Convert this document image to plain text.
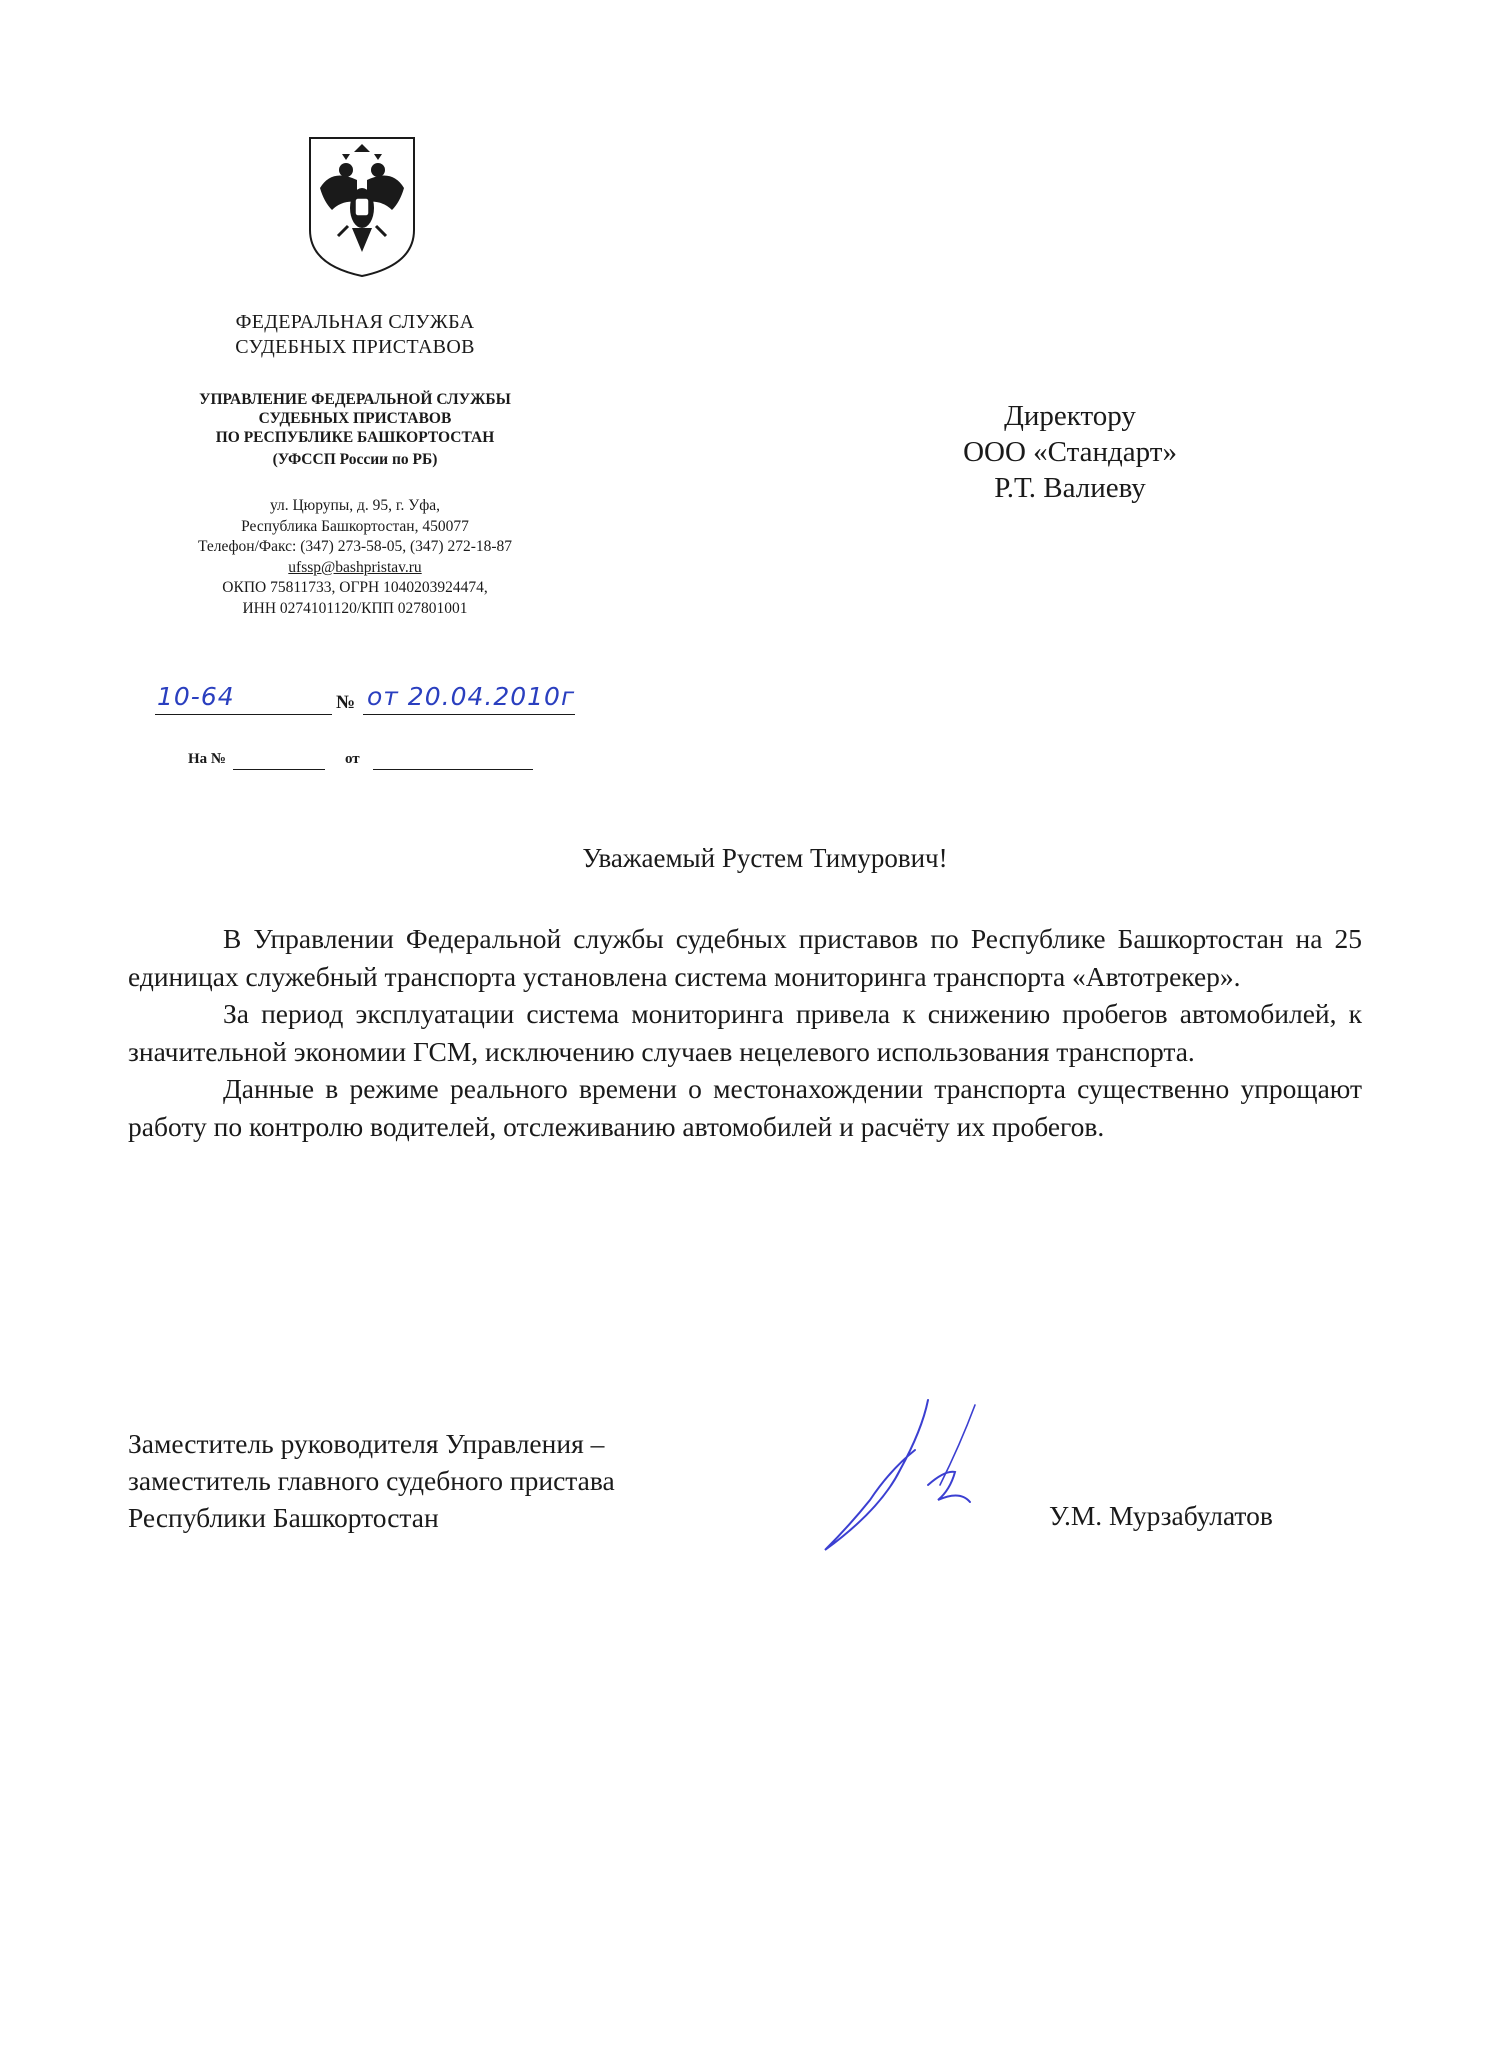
ФЕДЕРАЛЬНАЯ СЛУЖБА
СУДЕБНЫХ ПРИСТАВОВ
УПРАВЛЕНИЕ ФЕДЕРАЛЬНОЙ СЛУЖБЫ
СУДЕБНЫХ ПРИСТАВОВ
ПО РЕСПУБЛИКЕ БАШКОРТОСТАН
(УФССП России по РБ)
ул. Цюрупы, д. 95, г. Уфа,
Республика Башкортостан, 450077
Телефон/Факс: (347) 273-58-05, (347) 272-18-87
ufssp@bashpristav.ru
ОКПО 75811733, ОГРН 1040203924474,
ИНН 0274101120/КПП 027801001
10-64	№ от 20.04.2010г
На №	от
Директору
ООО «Стандарт»
Р.Т. Валиеву
Уважаемый Рустем Тимурович!

В Управлении Федеральной службы судебных приставов по Республике Башкортостан на 25 единицах служебный транспорта установлена система мониторинга транспорта «Автотрекер».

За период эксплуатации система мониторинга привела к снижению пробегов автомобилей, к значительной экономии ГСМ, исключению случаев нецелевого использования транспорта.

Данные в режиме реального времени о местонахождении транспорта существенно упрощают работу по контролю водителей, отслеживанию автомобилей и расчёту их пробегов.

Заместитель руководителя Управления –
заместитель главного судебного пристава
Республики Башкортостан	У.М. Мурзабулатов
